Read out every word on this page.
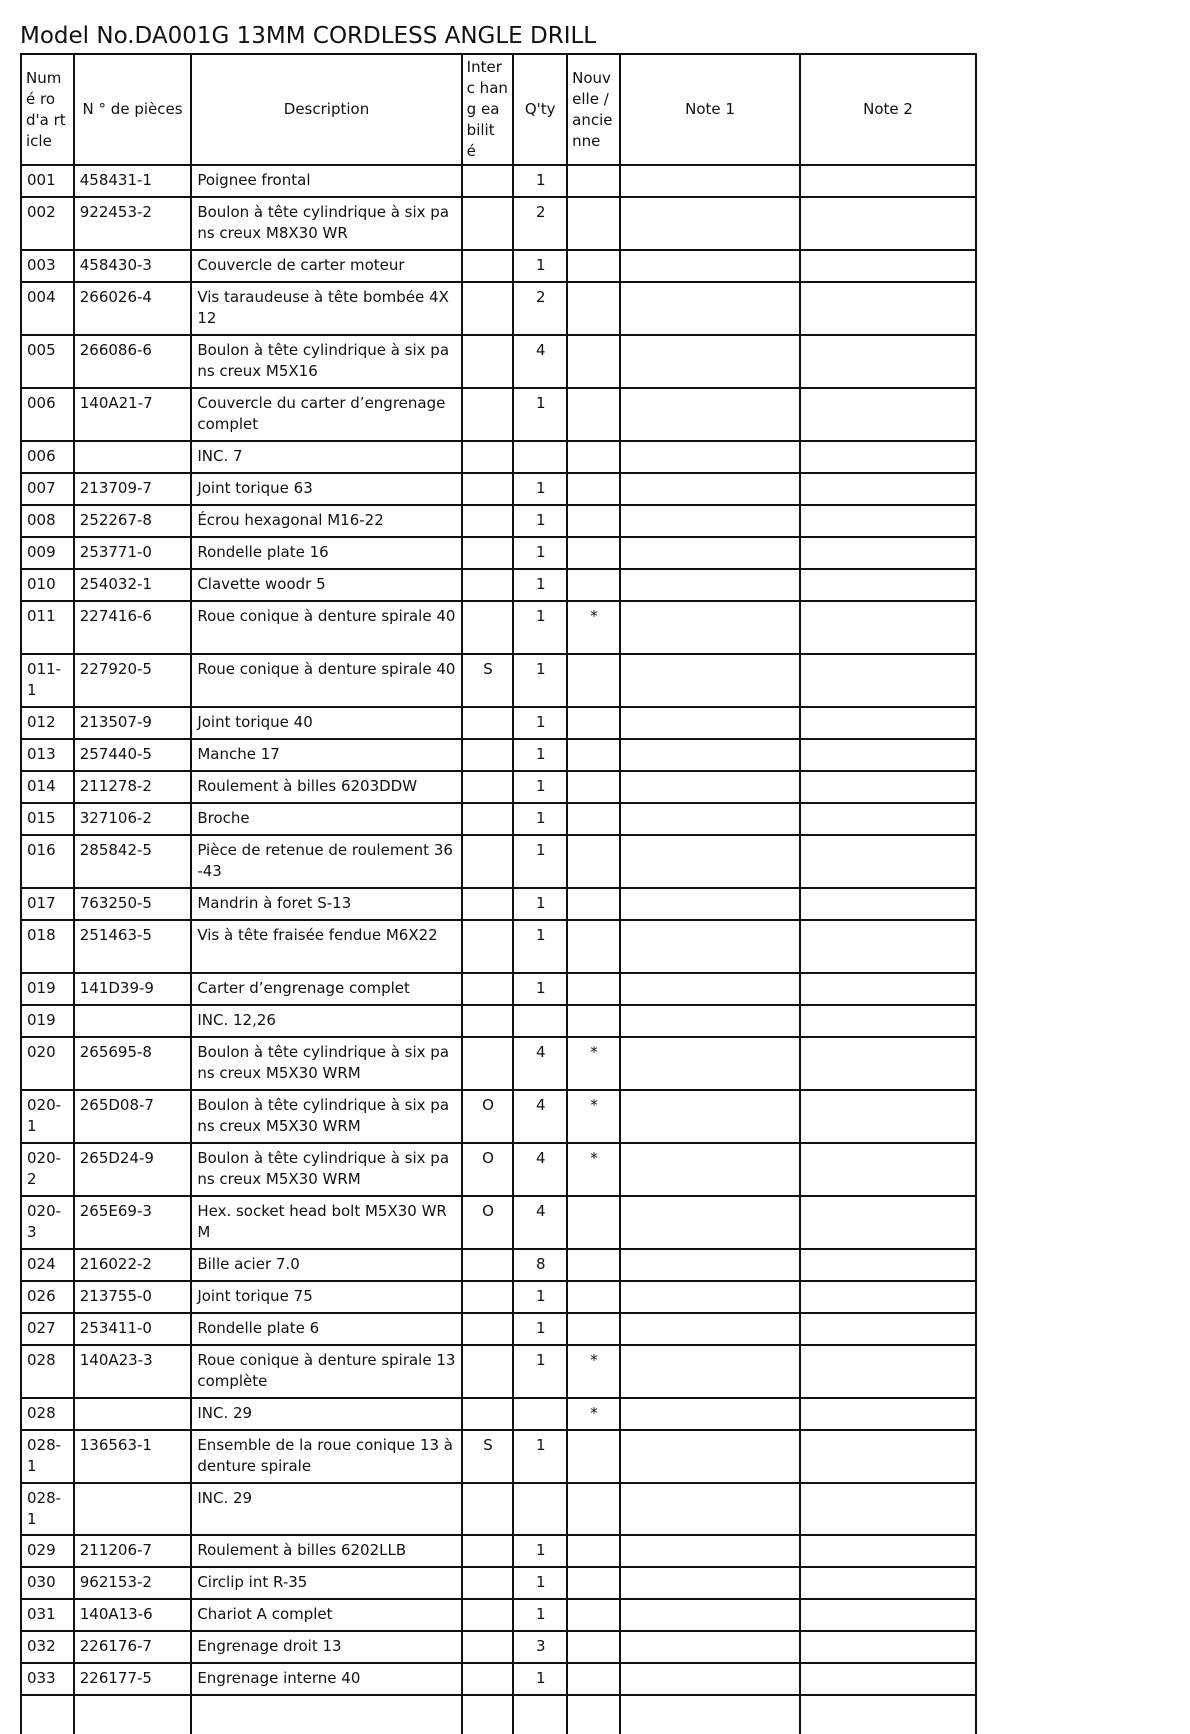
Model No.DA001G 13MM CORDLESS ANGLE DRILL
Numé ro d'a rticle	N ° de pièces	Description	Interc hang eabilit é	Q'ty	Nouv elle / ancie nne	Note 1	Note 2
001	458431-1	Poignee frontal		1			
002	922453-2	Boulon à tête cylindrique à six pans creux M8X30 WR		2			
003	458430-3	Couvercle de carter moteur		1			
004	266026-4	Vis taraudeuse à tête bombée 4X12		2			
005	266086-6	Boulon à tête cylindrique à six pans creux M5X16		4			
006	140A21-7	Couvercle du carter d’engrenage complet		1			
006		INC. 7					
007	213709-7	Joint torique 63		1			
008	252267-8	Écrou hexagonal M16-22		1			
009	253771-0	Rondelle plate 16		1			
010	254032-1	Clavette woodr 5		1			
011	227416-6	Roue conique à denture spirale 40		1	*		
011-1	227920-5	Roue conique à denture spirale 40	S	1			
012	213507-9	Joint torique 40		1			
013	257440-5	Manche 17		1			
014	211278-2	Roulement à billes 6203DDW		1			
015	327106-2	Broche		1			
016	285842-5	Pièce de retenue de roulement 36-43		1			
017	763250-5	Mandrin à foret S-13		1			
018	251463-5	Vis à tête fraisée fendue M6X22		1			
019	141D39-9	Carter d’engrenage complet		1			
019		INC. 12,26					
020	265695-8	Boulon à tête cylindrique à six pans creux M5X30 WRM		4	*		
020-1	265D08-7	Boulon à tête cylindrique à six pans creux M5X30 WRM	O	4	*		
020-2	265D24-9	Boulon à tête cylindrique à six pans creux M5X30 WRM	O	4	*		
020-3	265E69-3	Hex. socket head bolt M5X30 WRM	O	4			
024	216022-2	Bille acier 7.0		8			
026	213755-0	Joint torique 75		1			
027	253411-0	Rondelle plate 6		1			
028	140A23-3	Roue conique à denture spirale 13 complète		1	*		
028		INC. 29			*		
028-1	136563-1	Ensemble de la roue conique 13 à denture spirale	S	1			
028-1		INC. 29					
029	211206-7	Roulement à billes 6202LLB		1			
030	962153-2	Circlip int R-35		1			
031	140A13-6	Chariot A complet		1			
032	226176-7	Engrenage droit 13		3			
033	226177-5	Engrenage interne 40		1			
